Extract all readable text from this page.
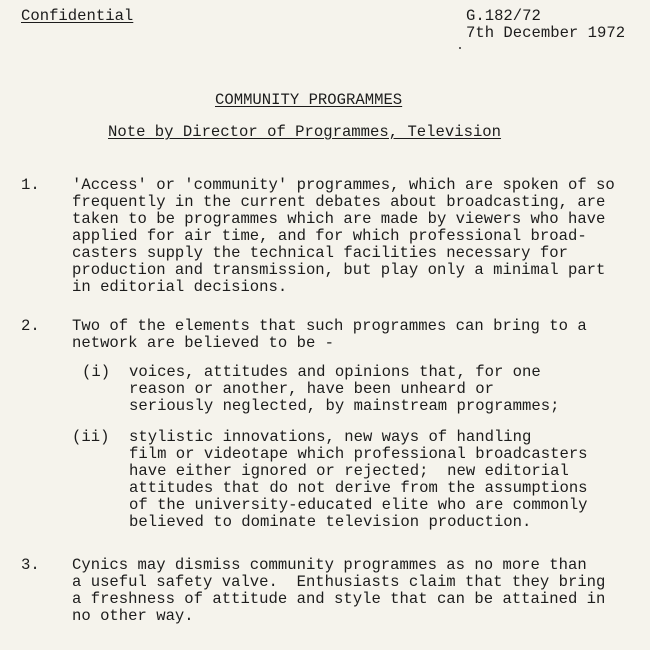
Confidential	G.182/72
7th December 1972
COMMUNITY PROGRAMMES
Note by Director of Programmes, Television
1. 'Access' or 'community' programmes, which are spoken of so
frequently in the current debates about broadcasting, are
taken to be programmes which are made by viewers who have
applied for air time, and for which professional broad-
casters supply the technical facilities necessary for
production and transmission, but play only a minimal part
in editorial decisions.
2. Two of the elements that such programmes can bring to a
network are believed to be -
(i) voices, attitudes and opinions that, for one
reason or another, have been unheard or
seriously neglected, by mainstream programmes;
(ii) stylistic innovations, new ways of handling
film or videotape which professional broadcasters
have either ignored or rejected;  new editorial
attitudes that do not derive from the assumptions
of the university-educated elite who are commonly
believed to dominate television production.
3. Cynics may dismiss community programmes as no more than
a useful safety valve.  Enthusiasts claim that they bring
a freshness of attitude and style that can be attained in
no other way.
